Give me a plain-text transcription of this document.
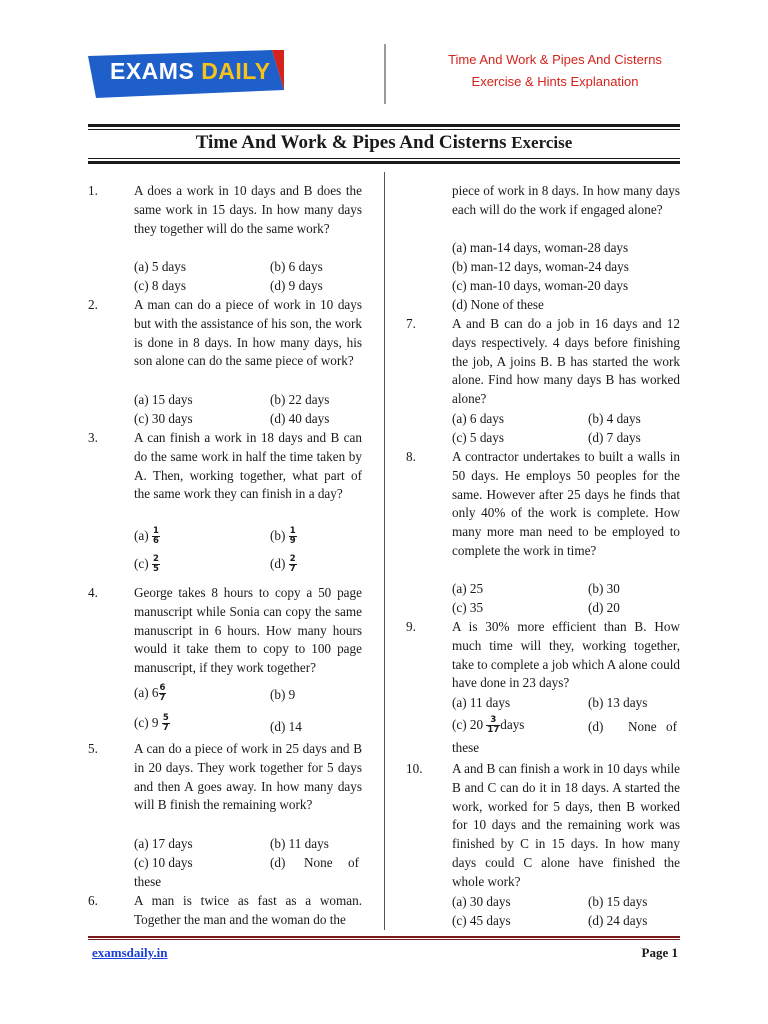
EXAMS DAILY	Time And Work & Pipes And Cisterns
Exercise & Hints Explanation
Time And Work & Pipes And Cisterns Exercise
1.	A does a work in 10 days and B does the same work in 15 days. In how many days they together will do the same work?
(a) 5 days	(b) 6 days
(c) 8 days	(d) 9 days
2.	A man can do a piece of work in 10 days but with the assistance of his son, the work is done in 8 days. In how many days, his son alone can do the same piece of work?
(a) 15 days	(b) 22 days
(c) 30 days	(d) 40 days
3.	A can finish a work in 18 days and B can do the same work in half the time taken by A. Then, working together, what part of the same work they can finish in a day?
$(a) \frac{1}{6}$	$(b) \frac{1}{9}$
$(c) \frac{2}{5}$	$(d) \frac{2}{7}$
4.	George takes 8 hours to copy a 50 page manuscript while Sonia can copy the same manuscript in 6 hours. How many hours would it take them to copy to 100 page manuscript, if they work together?
(a) $6 \frac{6}{7}$	(b) 9
(c) $9 \frac{5}{7}$	(d) 14
5.	A can do a piece of work in 25 days and B in 20 days. They work together for 5 days and then A goes away. In how many days will B finish the remaining work?
(a) 17 days	(b) 11 days
(c) 10 days	(d) None of
these
6.	A man is twice as fast as a woman. Together the man and the woman do the
piece of work in 8 days. In how many days each will do the work if engaged alone?
(a) man-14 days, woman-28 days
(b) man-12 days, woman-24 days
(c) man-10 days, woman-20 days
(d) None of these
7.	A and B can do a job in 16 days and 12 days respectively. 4 days before finishing the job, A joins B. B has started the work alone. Find how many days B has worked alone?
(a) 6 days	(b) 4 days
(c) 5 days	(d) 7 days
8.	A contractor undertakes to built a walls in 50 days. He employs 50 peoples for the same. However after 25 days he finds that only 40% of the work is complete. How many more man need to be employed to complete the work in time?
(a) 25	(b) 30
(c) 35	(d) 20
9.	A is 30% more efficient than B. How much time will they, working together, take to complete a job which A alone could have done in 23 days?
(a) 11 days	(b) 13 days
(c) $20 \frac{3}{17}$ days	(d) None of
these
10. A and B can finish a work in 10 days while B and C can do it in 18 days. A started the work, worked for 5 days, then B worked for 10 days and the remaining work was finished by C in 15 days. In how many days could C alone have finished the whole work?
(a) 30 days	(b) 15 days
(c) 45 days	(d) 24 days
examsdaily.in	Page 1
